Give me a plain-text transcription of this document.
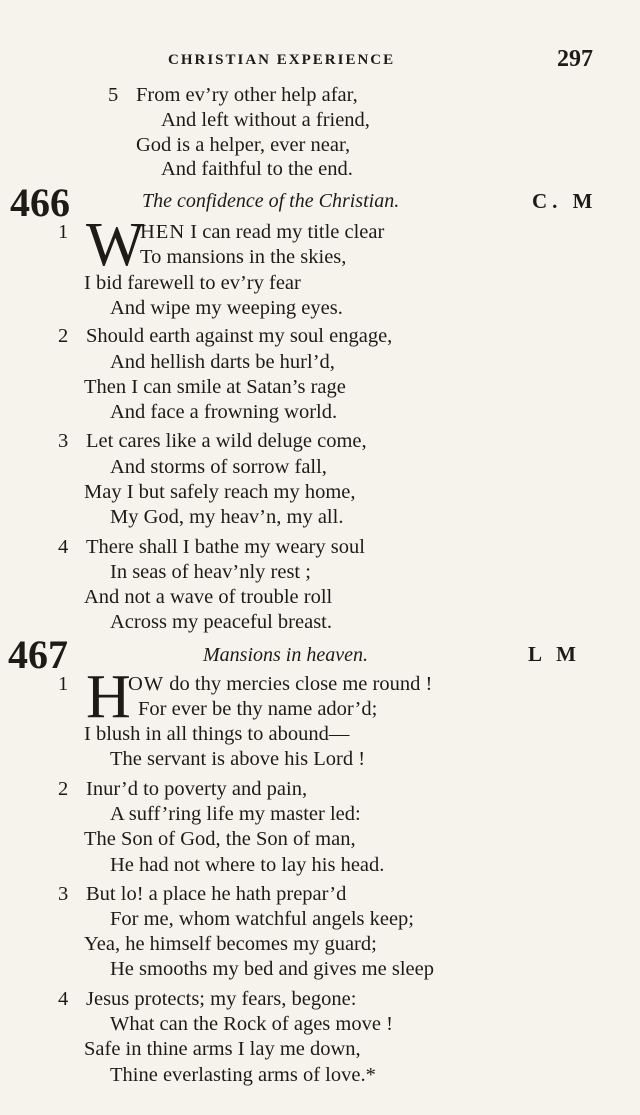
CHRISTIAN EXPERIENCE	297
5 From ev’ry other help afar,
And left without a friend,
God is a helper, ever near,
And faithful to the end.
466	The confidence of the Christian.	C. M
1 W
HEN I can read my title clear
To mansions in the skies,
I bid farewell to ev’ry fear
And wipe my weeping eyes.
2 Should earth against my soul engage,
And hellish darts be hurl’d,
Then I can smile at Satan’s rage
And face a frowning world.
3 Let cares like a wild deluge come,
And storms of sorrow fall,
May I but safely reach my home,
My God, my heav’n, my all.
4 There shall I bathe my weary soul
In seas of heav’nly rest ;
And not a wave of trouble roll
Across my peaceful breast.
467	Mansions in heaven.	L M
1 H
OW do thy mercies close me round !
For ever be thy name ador’d;
I blush in all things to abound—
The servant is above his Lord !
2 Inur’d to poverty and pain,
A suff’ring life my master led:
The Son of God, the Son of man,
He had not where to lay his head.
3 But lo! a place he hath prepar’d
For me, whom watchful angels keep;
Yea, he himself becomes my guard;
He smooths my bed and gives me sleep
4 Jesus protects; my fears, begone:
What can the Rock of ages move !
Safe in thine arms I lay me down,
Thine everlasting arms of love.*
